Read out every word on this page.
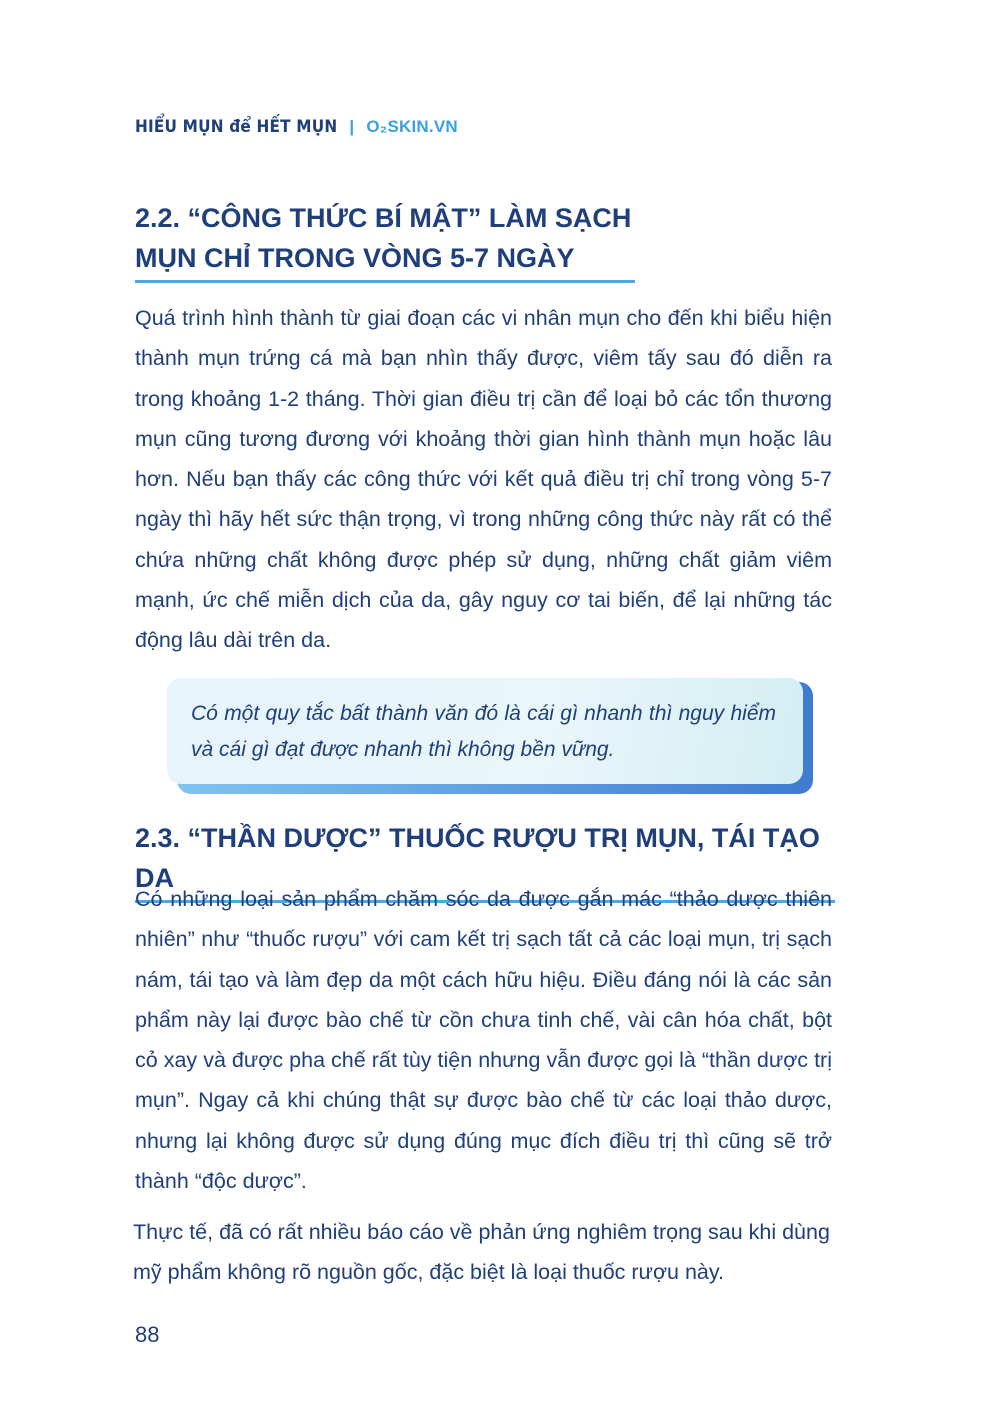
HIỂU MỤN để HẾT MỤN | O₂SKIN.VN
2.2. “CÔNG THỨC BÍ MẬT” LÀM SẠCH
MỤN CHỈ TRONG VÒNG 5-7 NGÀY

Quá trình hình thành từ giai đoạn các vi nhân mụn cho đến khi biểu hiện thành mụn trứng cá mà bạn nhìn thấy được, viêm tấy sau đó diễn ra trong khoảng 1-2 tháng. Thời gian điều trị cần để loại bỏ các tổn thương mụn cũng tương đương với khoảng thời gian hình thành mụn hoặc lâu hơn. Nếu bạn thấy các công thức với kết quả điều trị chỉ trong vòng 5-7 ngày thì hãy hết sức thận trọng, vì trong những công thức này rất có thể chứa những chất không được phép sử dụng, những chất giảm viêm mạnh, ức chế miễn dịch của da, gây nguy cơ tai biến, để lại những tác động lâu dài trên da.

Có một quy tắc bất thành văn đó là cái gì nhanh thì nguy hiểm và cái gì đạt được nhanh thì không bền vững.
2.3. “THẦN DƯỢC” THUỐC RƯỢU TRỊ MỤN, TÁI TẠO DA

Có những loại sản phẩm chăm sóc da được gắn mác “thảo dược thiên nhiên” như “thuốc rượu” với cam kết trị sạch tất cả các loại mụn, trị sạch nám, tái tạo và làm đẹp da một cách hữu hiệu. Điều đáng nói là các sản phẩm này lại được bào chế từ cồn chưa tinh chế, vài cân hóa chất, bột cỏ xay và được pha chế rất tùy tiện nhưng vẫn được gọi là “thần dược trị mụn”. Ngay cả khi chúng thật sự được bào chế từ các loại thảo dược, nhưng lại không được sử dụng đúng mục đích điều trị thì cũng sẽ trở thành “độc dược”.

Thực tế, đã có rất nhiều báo cáo về phản ứng nghiêm trọng sau khi dùng mỹ phẩm không rõ nguồn gốc, đặc biệt là loại thuốc rượu này.

88
